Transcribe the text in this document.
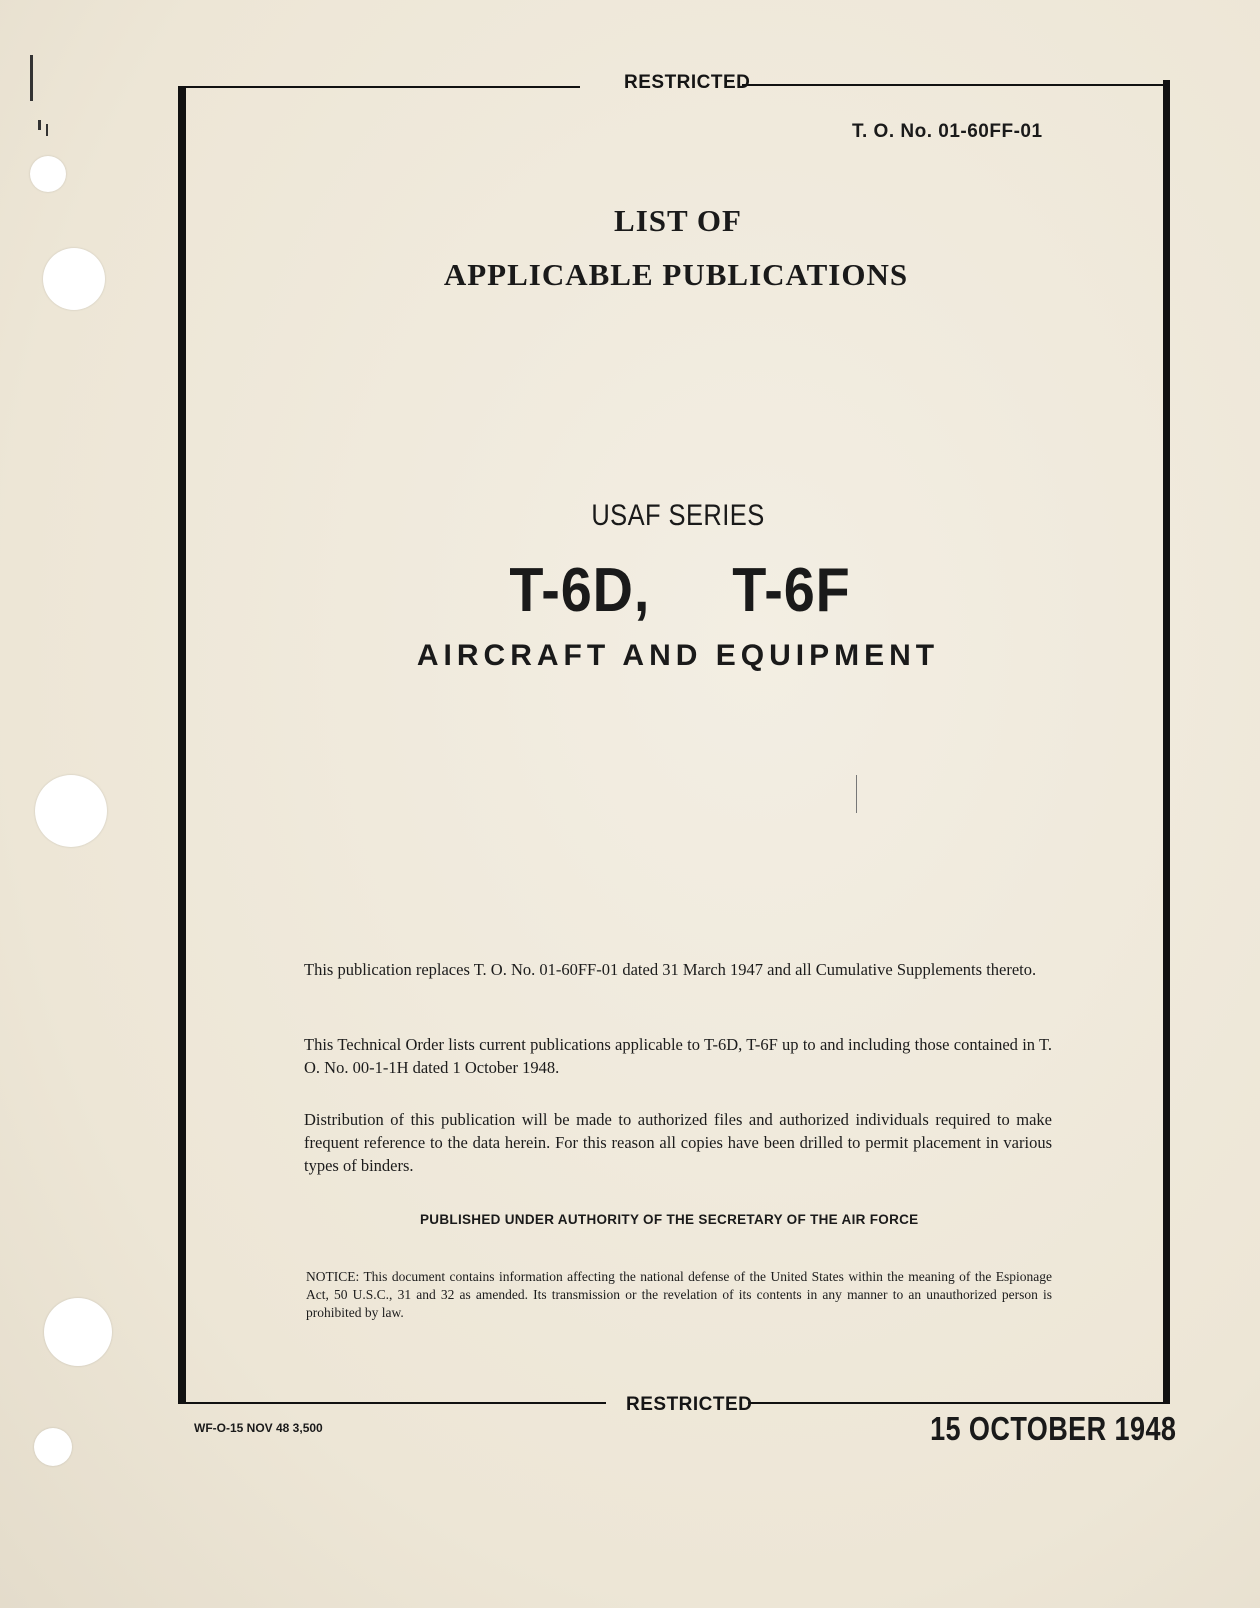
RESTRICTED
T. O. No. 01-60FF-01
LIST OF
APPLICABLE PUBLICATIONS
USAF SERIES
T-6D,     T-6F
AIRCRAFT AND EQUIPMENT
This publication replaces T. O. No. 01-60FF-01 dated 31 March 1947 and all Cumulative Supplements thereto.
This Technical Order lists current publications applicable to T-6D, T-6F up to and including those contained in T. O. No. 00-1-1H dated 1 October 1948.
Distribution of this publication will be made to authorized files and authorized individuals required to make frequent reference to the data herein. For this reason all copies have been drilled to permit placement in various types of binders.
PUBLISHED UNDER AUTHORITY OF THE SECRETARY OF THE AIR FORCE
NOTICE: This document contains information affecting the national defense of the United States within the meaning of the Espionage Act, 50 U.S.C., 31 and 32 as amended. Its transmission or the revelation of its contents in any manner to an unauthorized person is prohibited by law.
RESTRICTED
WF-O-15 NOV 48 3,500	15 OCTOBER 1948
